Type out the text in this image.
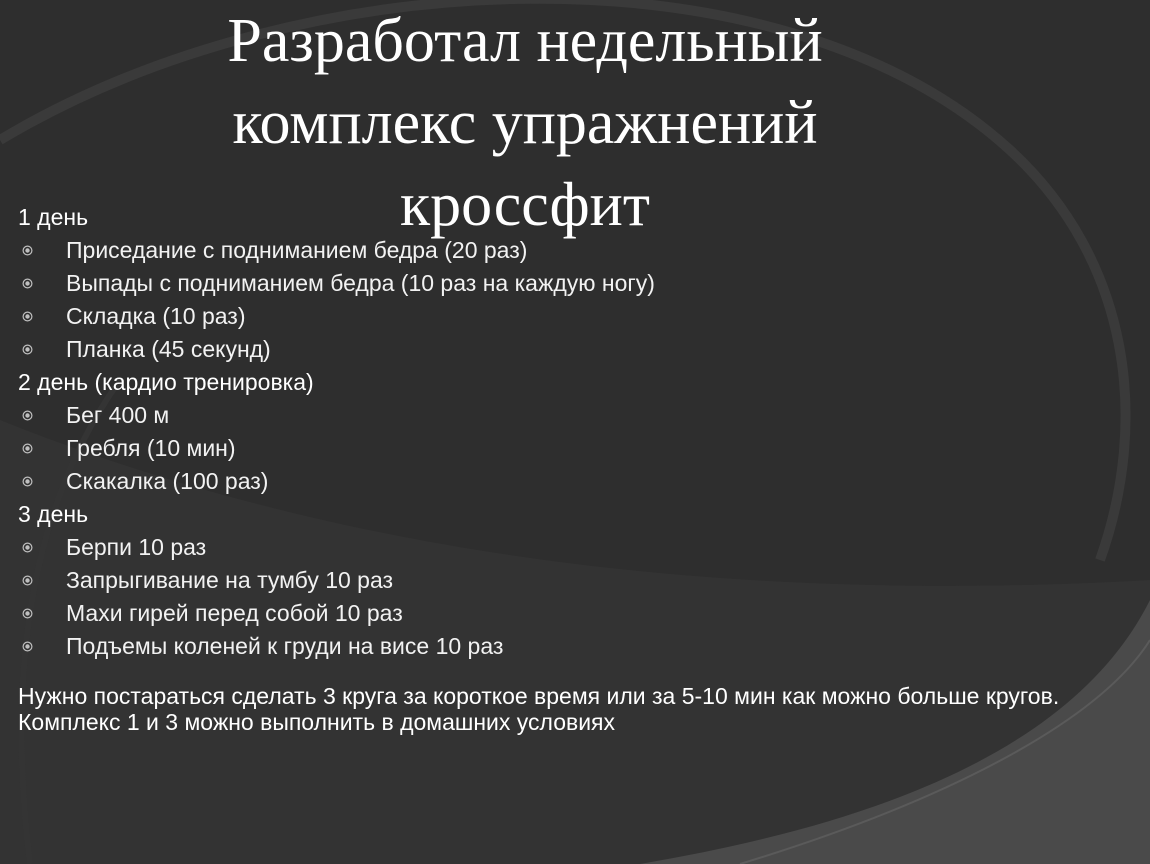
Разработал недельный
комплекс упражнений
кроссфит
1 день
Приседание с подниманием бедра (20 раз)
Выпады с подниманием бедра (10 раз на каждую ногу)
Складка (10 раз)
Планка (45 секунд)
2 день (кардио тренировка)
Бег 400 м
Гребля (10 мин)
Скакалка (100 раз)
3 день
Берпи 10 раз
Запрыгивание на тумбу 10 раз
Махи гирей перед собой 10 раз
Подъемы коленей к груди на висе 10 раз
Нужно постараться сделать 3 круга за короткое время или за 5-10 мин как можно больше кругов. Комплекс 1 и 3 можно выполнить в домашних условиях
